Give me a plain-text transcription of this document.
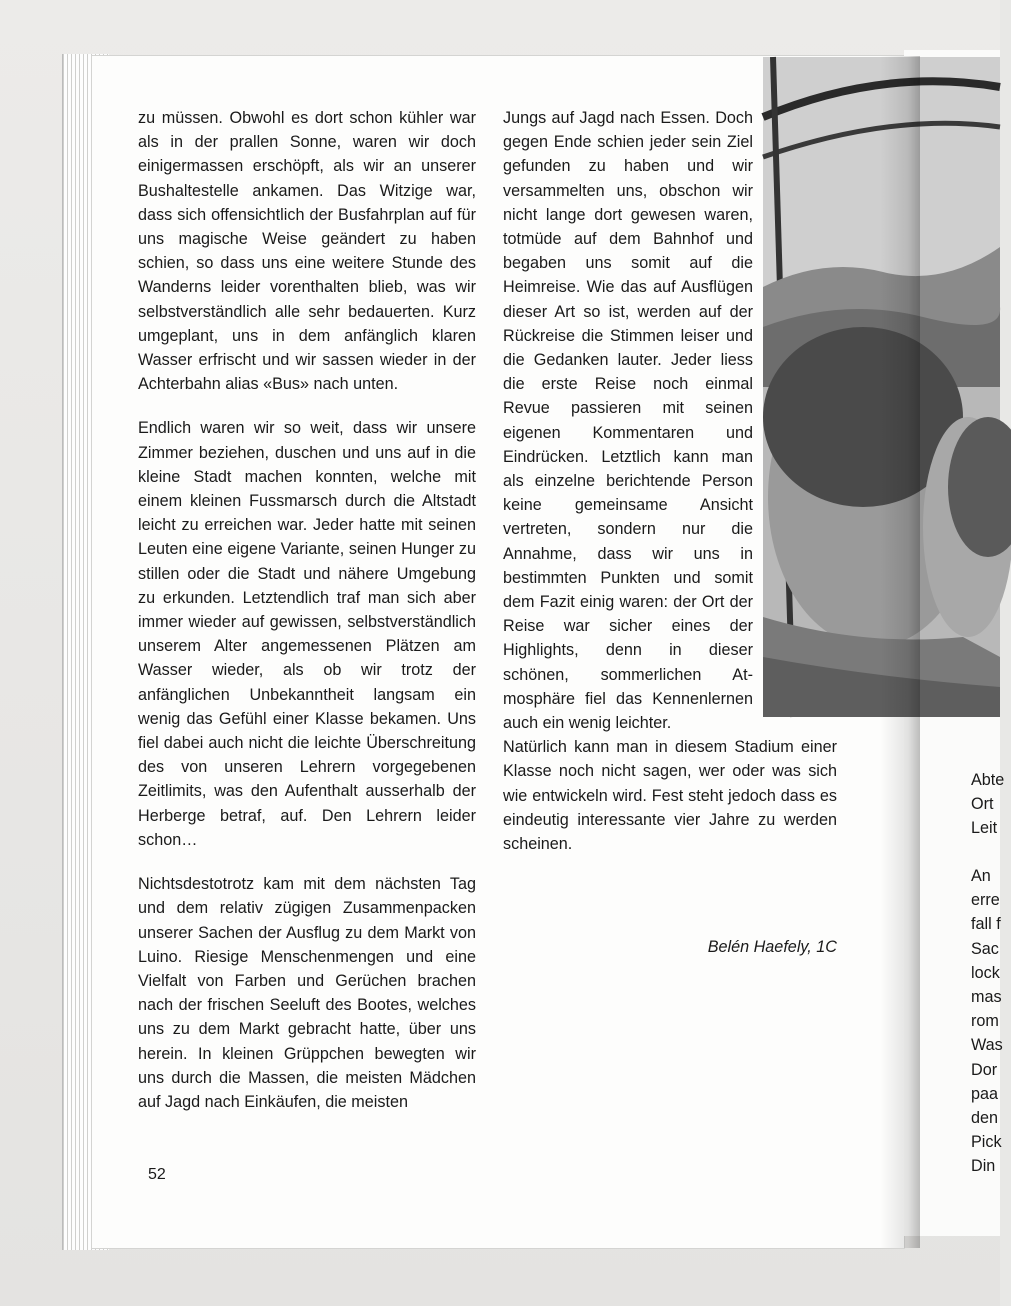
zu müssen. Obwohl es dort schon kühler war als in der prallen Sonne, waren wir doch einigermassen erschöpft, als wir an unserer Bushaltestelle ankamen. Das Witzige war, dass sich offensichtlich der Busfahrplan auf für uns magische Weise geändert zu haben schien, so dass uns eine weitere Stunde des Wanderns leider vorenthalten blieb, was wir selbstverständlich alle sehr bedauerten. Kurz umgeplant, uns in dem anfänglich klaren Wasser erfrischt und wir sassen wieder in der Achterbahn alias «Bus» nach unten.

Endlich waren wir so weit, dass wir unsere Zimmer beziehen, duschen und uns auf in die kleine Stadt machen konnten, welche mit einem kleinen Fussmarsch durch die Altstadt leicht zu erreichen war. Jeder hatte mit seinen Leuten eine eigene Variante, seinen Hunger zu stillen oder die Stadt und nähere Umgebung zu erkunden. Letztendlich traf man sich aber immer wieder auf gewissen, selbstverständlich unserem Alter angemessenen Plätzen am Wasser wieder, als ob wir trotz der anfänglichen Unbekanntheit langsam ein wenig das Gefühl einer Klasse bekamen. Uns fiel dabei auch nicht die leichte Überschreitung des von unseren Lehrern vorgegebenen Zeitlimits, was den Aufenthalt ausserhalb der Herberge betraf, auf. Den Lehrern leider schon…

Nichtsdestotrotz kam mit dem nächsten Tag und dem relativ zügigen Zusammenpacken unserer Sachen der Ausflug zu dem Markt von Luino. Riesige Menschenmengen und eine Vielfalt von Farben und Gerüchen brachen nach der frischen Seeluft des Bootes, welches uns zu dem Markt gebracht hatte, über uns herein. In kleinen Grüppchen bewegten wir uns durch die Massen, die meisten Mädchen auf Jagd nach Einkäufen, die meisten

Jungs auf Jagd nach Essen. Doch gegen Ende schien jeder sein Ziel gefunden zu haben und wir versammelten uns, obschon wir nicht lange dort gewesen waren, totmüde auf dem Bahnhof und begaben uns somit auf die Heimreise. Wie das auf Ausflügen dieser Art so ist, werden auf der Rückreise die Stimmen leiser und die Gedanken lauter. Jeder liess die erste Reise noch einmal Revue passieren mit seinen eigenen Kommentaren und Eindrücken. Letztlich kann man als einzelne berichtende Person keine gemeinsame Ansicht vertreten, sondern nur die Annahme, dass wir uns in bestimmten Punkten und somit dem Fazit einig waren: der Ort der Reise war sicher eines der Highlights, denn in dieser schönen, sommerlichen Atmosphäre fiel das Kennenlernen auch ein wenig leichter.

Natürlich kann man in diesem Stadium einer Klasse noch nicht sagen, wer oder was sich wie entwickeln wird. Fest steht jedoch dass es eindeutig interessante vier Jahre zu werden scheinen.

Belén Haefely, 1C
52
Abte
Ort
Leit
An
erre
fall f
Sac
lock
mas
rom
Was
Dor
paa
den
Pick
Din
